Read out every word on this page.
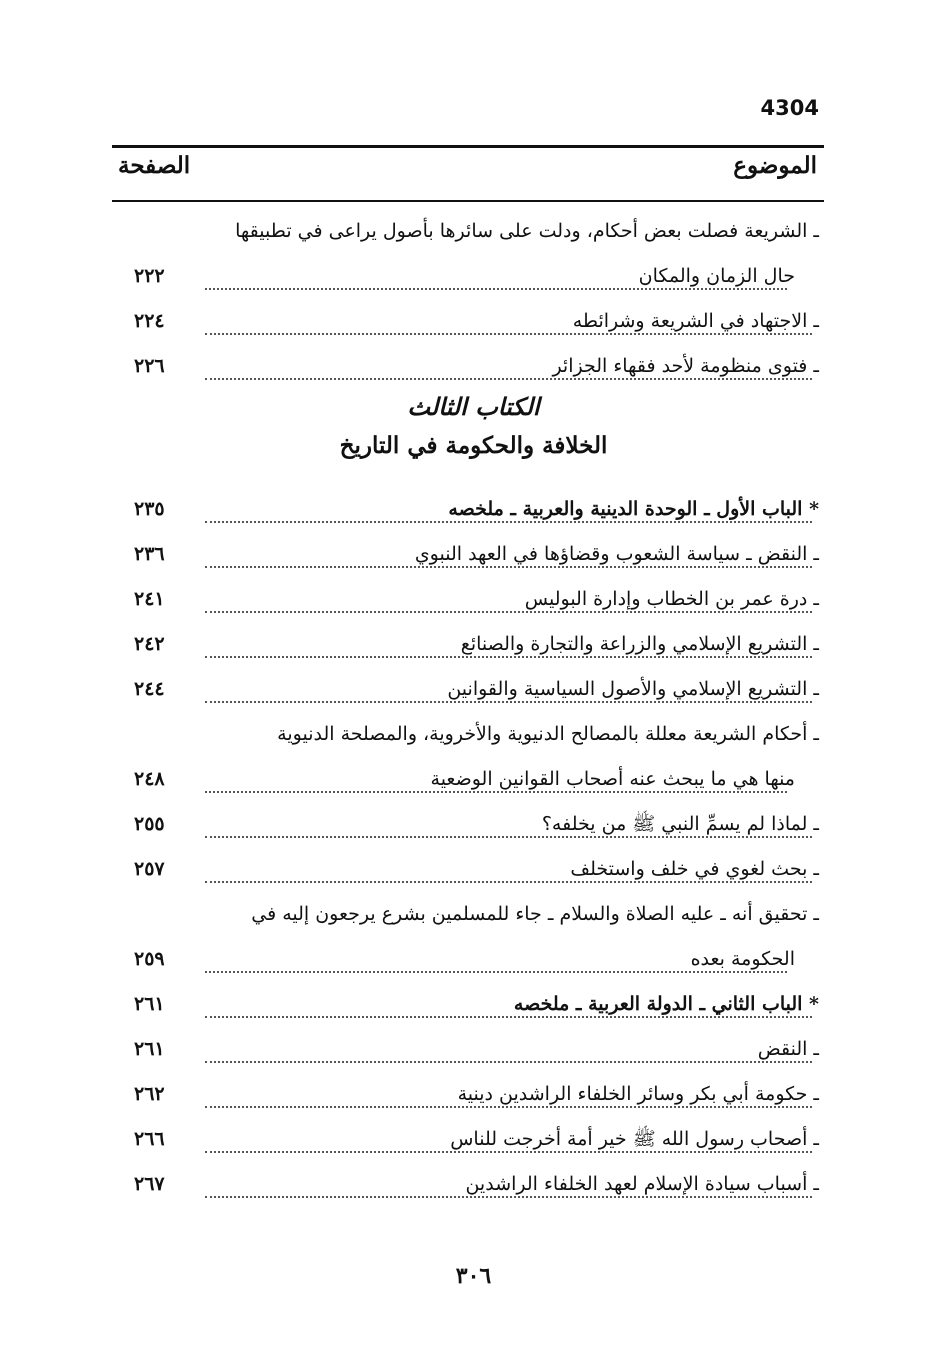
4304
الموضوع
الصفحة
ـ الشريعة فصلت بعض أحكام، ودلت على سائرها بأصول يراعى في تطبيقها
حال الزمان والمكان
٢٢٢
ـ الاجتهاد في الشريعة وشرائطه
٢٢٤
ـ فتوى منظومة لأحد فقهاء الجزائر
٢٢٦
الكتاب الثالث
الخلافة والحكومة في التاريخ
* الباب الأول ـ الوحدة الدينية والعربية ـ ملخصه
٢٣٥
ـ النقض ـ سياسة الشعوب وقضاؤها في العهد النبوي
٢٣٦
ـ درة عمر بن الخطاب وإدارة البوليس
٢٤١
ـ التشريع الإسلامي والزراعة والتجارة والصنائع
٢٤٢
ـ التشريع الإسلامي والأصول السياسية والقوانين
٢٤٤
ـ أحكام الشريعة معللة بالمصالح الدنيوية والأخروية، والمصلحة الدنيوية
منها هي ما يبحث عنه أصحاب القوانين الوضعية
٢٤٨
ـ لماذا لم يسمِّ النبي ﷺ من يخلفه؟
٢٥٥
ـ بحث لغوي في خلف واستخلف
٢٥٧
ـ تحقيق أنه ـ عليه الصلاة والسلام ـ جاء للمسلمين بشرع يرجعون إليه في
الحكومة بعده
٢٥٩
* الباب الثاني ـ الدولة العربية ـ ملخصه
٢٦١
ـ النقض
٢٦١
ـ حكومة أبي بكر وسائر الخلفاء الراشدين دينية
٢٦٢
ـ أصحاب رسول الله ﷺ خير أمة أخرجت للناس
٢٦٦
ـ أسباب سيادة الإسلام لعهد الخلفاء الراشدين
٢٦٧
٣٠٦
